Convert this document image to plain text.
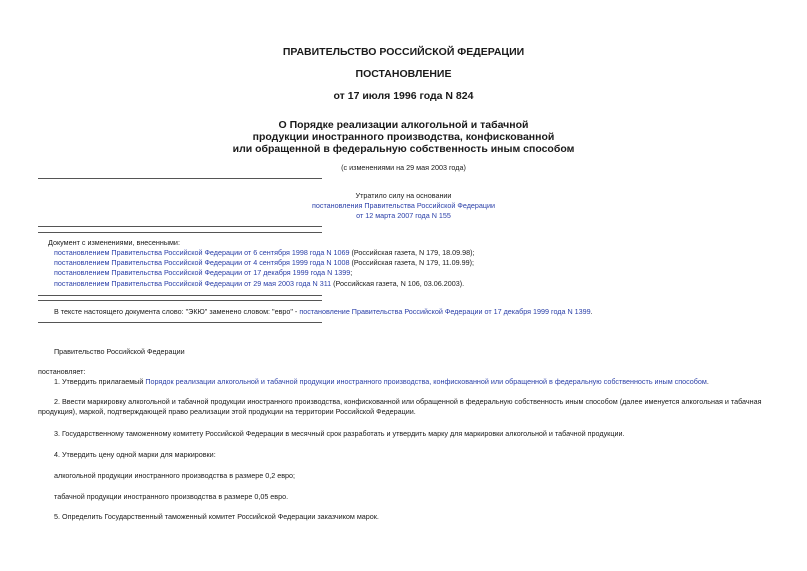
ПРАВИТЕЛЬСТВО РОССИЙСКОЙ ФЕДЕРАЦИИ
ПОСТАНОВЛЕНИЕ
от 17 июля 1996 года N 824
О Порядке реализации алкогольной и табачной
продукции иностранного производства, конфискованной
или обращенной в федеральную собственность иным способом
(с изменениями на 29 мая 2003 года)
Утратило силу на основании
постановления Правительства Российской Федерации
от 12 марта 2007 года N 155
Документ с изменениями, внесенными:
постановлением Правительства Российской Федерации от 6 сентября 1998 года N 1069 (Российская газета, N 179, 18.09.98);
постановлением Правительства Российской Федерации от 4 сентября 1999 года N 1008 (Российская газета, N 179, 11.09.99);
постановлением Правительства Российской Федерации от 17 декабря 1999 года N 1399;
постановлением Правительства Российской Федерации от 29 мая 2003 года N 311 (Российская газета, N 106, 03.06.2003).
В тексте настоящего документа слово: "ЭКЮ" заменено словом: "евро" - постановление Правительства Российской Федерации от 17 декабря 1999 года N 1399.
Правительство Российской Федерации
постановляет:
1. Утвердить прилагаемый Порядок реализации алкогольной и табачной продукции иностранного производства, конфискованной или обращенной в федеральную собственность иным способом.
2. Ввести маркировку алкогольной и табачной продукции иностранного производства, конфискованной или обращенной в федеральную собственность иным способом (далее именуется алкогольная и табачная продукция), маркой, подтверждающей право реализации этой продукции на территории Российской Федерации.
3. Государственному таможенному комитету Российской Федерации в месячный срок разработать и утвердить марку для маркировки алкогольной и табачной продукции.
4. Утвердить цену одной марки для маркировки:
алкогольной продукции иностранного производства в размере 0,2 евро;
табачной продукции иностранного производства в размере 0,05 евро.
5. Определить Государственный таможенный комитет Российской Федерации заказчиком марок.
